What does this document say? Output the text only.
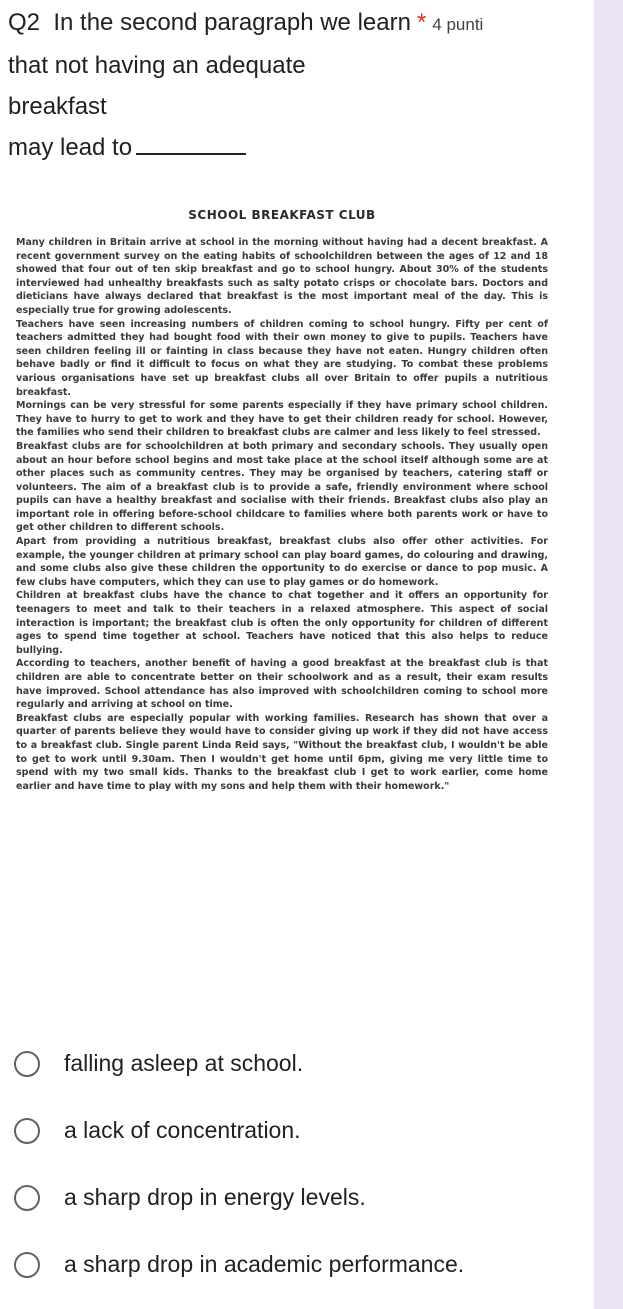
Q2 In the second paragraph we learn * 4 punti
that not having an adequate
breakfast
may lead to
SCHOOL BREAKFAST CLUB

Many children in Britain arrive at school in the morning without having had a decent breakfast. A recent government survey on the eating habits of schoolchildren between the ages of 12 and 18 showed that four out of ten skip breakfast and go to school hungry. About 30% of the students interviewed had unhealthy breakfasts such as salty potato crisps or chocolate bars. Doctors and dieticians have always declared that breakfast is the most important meal of the day. This is especially true for growing adolescents.

Teachers have seen increasing numbers of children coming to school hungry. Fifty per cent of teachers admitted they had bought food with their own money to give to pupils. Teachers have seen children feeling ill or fainting in class because they have not eaten. Hungry children often behave badly or find it difficult to focus on what they are studying. To combat these problems various organisations have set up breakfast clubs all over Britain to offer pupils a nutritious breakfast.

Mornings can be very stressful for some parents especially if they have primary school children. They have to hurry to get to work and they have to get their children ready for school. However, the families who send their children to breakfast clubs are calmer and less likely to feel stressed.

Breakfast clubs are for schoolchildren at both primary and secondary schools. They usually open about an hour before school begins and most take place at the school itself although some are at other places such as community centres. They may be organised by teachers, catering staff or volunteers. The aim of a breakfast club is to provide a safe, friendly environment where school pupils can have a healthy breakfast and socialise with their friends. Breakfast clubs also play an important role in offering before-school childcare to families where both parents work or have to get other children to different schools.

Apart from providing a nutritious breakfast, breakfast clubs also offer other activities. For example, the younger children at primary school can play board games, do colouring and drawing, and some clubs also give these children the opportunity to do exercise or dance to pop music. A few clubs have computers, which they can use to play games or do homework.

Children at breakfast clubs have the chance to chat together and it offers an opportunity for teenagers to meet and talk to their teachers in a relaxed atmosphere. This aspect of social interaction is important; the breakfast club is often the only opportunity for children of different ages to spend time together at school. Teachers have noticed that this also helps to reduce bullying.

According to teachers, another benefit of having a good breakfast at the breakfast club is that children are able to concentrate better on their schoolwork and as a result, their exam results have improved. School attendance has also improved with schoolchildren coming to school more regularly and arriving at school on time.

Breakfast clubs are especially popular with working families. Research has shown that over a quarter of parents believe they would have to consider giving up work if they did not have access to a breakfast club. Single parent Linda Reid says, "Without the breakfast club, I wouldn't be able to get to work until 9.30am. Then I wouldn't get home until 6pm, giving me very little time to spend with my two small kids. Thanks to the breakfast club I get to work earlier, come home earlier and have time to play with my sons and help them with their homework."

falling asleep at school.
a lack of concentration.
a sharp drop in energy levels.
a sharp drop in academic performance.
